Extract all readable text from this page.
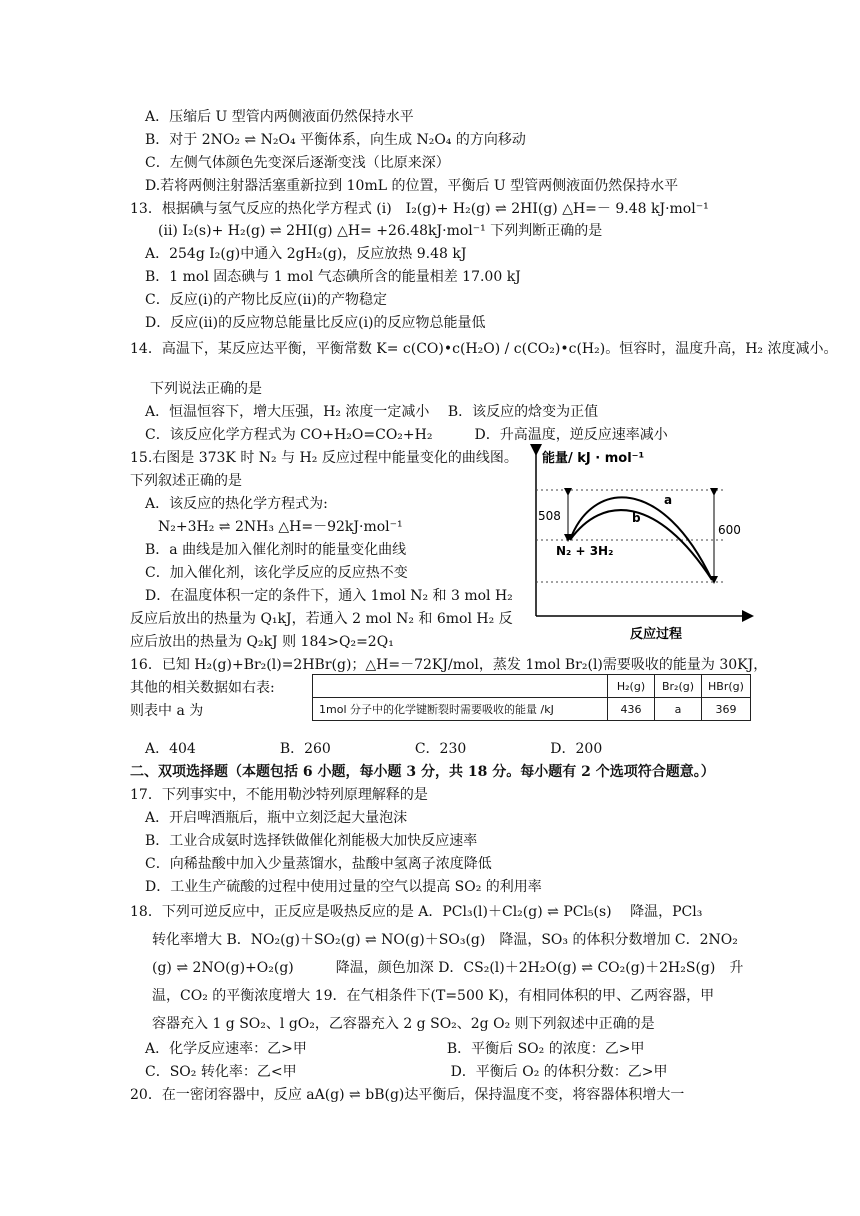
A．压缩后 U 型管内两侧液面仍然保持水平
B．对于 2NO₂ ⇌ N₂O₄ 平衡体系，向生成 N₂O₄ 的方向移动
C．左侧气体颜色先变深后逐渐变浅（比原来深）
D.若将两侧注射器活塞重新拉到 10mL 的位置，平衡后 U 型管两侧液面仍然保持水平
13．根据碘与氢气反应的热化学方程式 (i)　I₂(g)+ H₂(g) ⇌ 2HI(g) △H=－ 9.48 kJ·mol⁻¹
(ii) I₂(s)+ H₂(g) ⇌ 2HI(g) △H= +26.48kJ·mol⁻¹ 下列判断正确的是
A．254g I₂(g)中通入 2gH₂(g)，反应放热 9.48 kJ
B．1 mol 固态碘与 1 mol 气态碘所含的能量相差 17.00 kJ
C．反应(i)的产物比反应(ii)的产物稳定
D．反应(ii)的反应物总能量比反应(i)的反应物总能量低
14．高温下，某反应达平衡，平衡常数 K= c(CO)•c(H₂O) / c(CO₂)•c(H₂)。恒容时，温度升高，H₂ 浓度减小。
下列说法正确的是
A．恒温恒容下，增大压强，H₂ 浓度一定减小　 B．该反应的焓变为正值
C．该反应化学方程式为 CO+H₂O=CO₂+H₂　　　D．升高温度，逆反应速率减小
15.右图是 373K 时 N₂ 与 H₂ 反应过程中能量变化的曲线图。
下列叙述正确的是
A．该反应的热化学方程式为:
N₂+3H₂ ⇌ 2NH₃ △H=－92kJ·mol⁻¹
B．a 曲线是加入催化剂时的能量变化曲线
C．加入催化剂，该化学反应的反应热不变
D．在温度体积一定的条件下，通入 1mol N₂ 和 3 mol H₂
反应后放出的热量为 Q₁kJ，若通入 2 mol N₂ 和 6mol H₂ 反
应后放出的热量为 Q₂kJ 则 184>Q₂=2Q₁
16．已知 H₂(g)+Br₂(l)=2HBr(g)；△H=－72KJ/mol，蒸发 1mol Br₂(l)需要吸收的能量为 30KJ，
其他的相关数据如右表:
则表中 a 为
A．404　　　　　　B．260　　　　　　C．230　　　　　　D．200
二、双项选择题（本题包括 6 小题，每小题 3 分，共 18 分。每小题有 2 个选项符合题意。）
17．下列事实中，不能用勒沙特列原理解释的是
A．开启啤酒瓶后，瓶中立刻泛起大量泡沫
B．工业合成氨时选择铁做催化剂能极大加快反应速率
C．向稀盐酸中加入少量蒸馏水，盐酸中氢离子浓度降低
D．工业生产硫酸的过程中使用过量的空气以提高 SO₂ 的利用率
18．下列可逆反应中，正反应是吸热反应的是 A．PCl₃(l)＋Cl₂(g) ⇌ PCl₅(s)　 降温，PCl₃
转化率增大 B．NO₂(g)＋SO₂(g) ⇌ NO(g)＋SO₃(g)　降温，SO₃ 的体积分数增加 C．2NO₂
(g) ⇌ 2NO(g)+O₂(g)　　　降温，颜色加深 D．CS₂(l)＋2H₂O(g) ⇌ CO₂(g)＋2H₂S(g)　升
温，CO₂ 的平衡浓度增大 19．在气相条件下(T=500 K)，有相同体积的甲、乙两容器，甲
容器充入 1 g SO₂、l gO₂，乙容器充入 2 g SO₂、2g O₂ 则下列叙述中正确的是
A．化学反应速率：乙>甲　　　　　　　　　　B．平衡后 SO₂ 的浓度：乙>甲
C．SO₂ 转化率：乙<甲　　　　　　　　　　　D．平衡后 O₂ 的体积分数：乙>甲
20．在一密闭容器中，反应 aA(g) ⇌ bB(g)达平衡后，保持温度不变，将容器体积增大一
能量/ kJ · mol⁻¹
反应过程
508
600
a
b
N₂ + 3H₂
	H₂(g)	Br₂(g)	HBr(g)
1mol 分子中的化学键断裂时需要吸收的能量 /kJ	436	a	369
